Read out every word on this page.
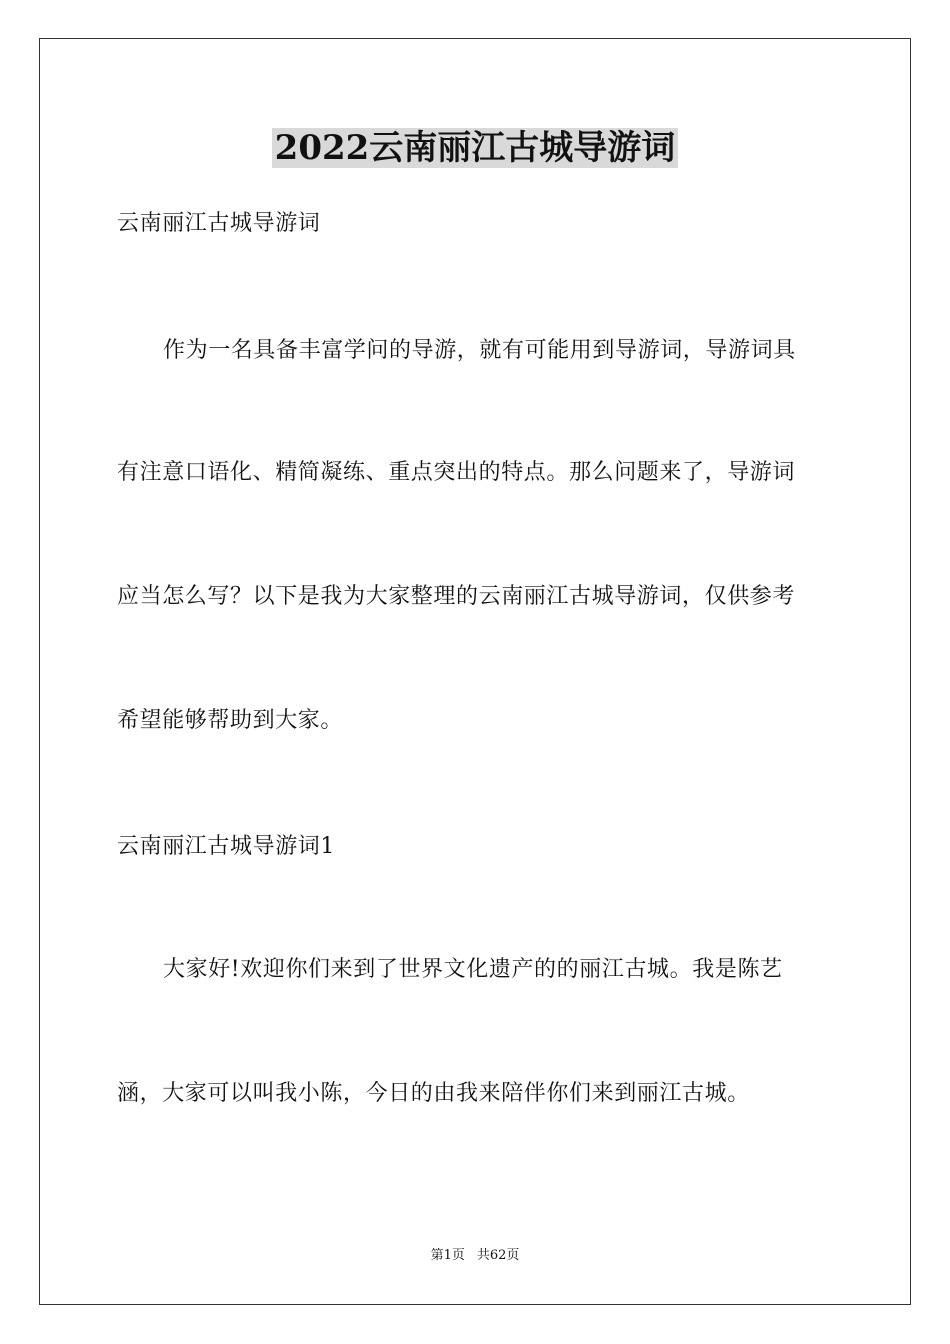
2022云南丽江古城导游词

云南丽江古城导游词

作为一名具备丰富学问的导游，就有可能用到导游词，导游词具

有注意口语化、精简凝练、重点突出的特点。那么问题来了，导游词

应当怎么写？以下是我为大家整理的云南丽江古城导游词，仅供参考

希望能够帮助到大家。

云南丽江古城导游词1

大家好!欢迎你们来到了世界文化遗产的的丽江古城。我是陈艺

涵，大家可以叫我小陈，今日的由我来陪伴你们来到丽江古城。

第1页 共62页
